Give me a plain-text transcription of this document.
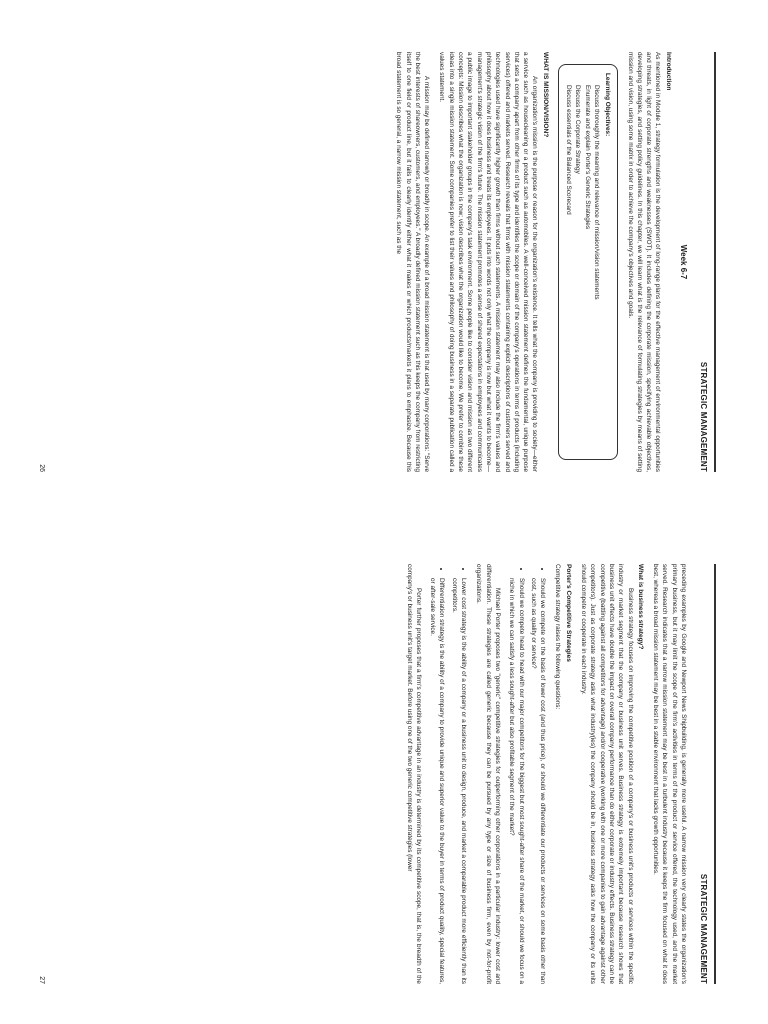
STRATEGIC MANAGEMENT
Week 6-7
Introduction

As mentioned in Module 1, strategy formulation is the development of long-range plans for the effective management of environmental opportunities and threats, in light of corporate strengths and weaknesses (SWOT). It includes defining the corporate mission, specifying achievable objectives, developing strategies, and setting policy guidelines. In this chapter, we will learn what is the relevance of formulating strategies by means of setting mission and vision, using some matrix in order to achieve the company's objectives and goals.

Learning Objectives:
Discuss thoroughly the meaning and relevance of mission/vision statements
Enumerate and explain Porter's Generic Strategies
Discuss the Corporate Strategy
Discuss essentials of the Balanced Scorecard
WHAT IS MISSION/VISION?

An organization's mission is the purpose or reason for the organization's existence. It tells what the company is providing to society—either a service such as housecleaning or a product such as automobiles. A well-conceived mission statement defines the fundamental, unique purpose that sets a company apart from other firms of its type and identifies the scope or domain of the company's operations in terms of products (including services) offered and markets served. Research reveals that firms with mission statements containing explicit descriptions of customers served and technologies used have significantly higher growth than firms without such statements. A mission statement may also include the firm's values and philosophy about how it does business and treats its employees. It puts into words not only what the company is now but what it wants to become—management's strategic vision of the firm's future. The mission statement promotes a sense of shared expectations in employees and communicates a public image to important stakeholder groups in the company's task environment. Some people like to consider vision and mission as two different concepts: Mission describes what the organization is now; vision describes what the organization would like to become. We prefer to combine these ideas into a single mission statement. Some companies prefer to list their values and philosophy of doing business in a separate publication called a values statement.

A mission may be defined narrowly or broadly in scope. An example of a broad mission statement is that used by many corporations: "Serve the best interests of shareowners, customers, and employees." A broadly defined mission statement such as this keeps the company from restricting itself to one field or product line, but it fails to clearly identify either what it makes or which products/markets it plans to emphasize. Because this broad statement is so general, a narrow mission statement, such as the

26
STRATEGIC MANAGEMENT

preceding examples by Google and Newport News Shipbuilding, is generally more useful. A narrow mission very clearly states the organization's primary business, but it may limit the scope of the firm's activities in terms of the product or service offered, the technology used, and the market served. Research indicates that a narrow mission statement may be best in a turbulent industry because it keeps the firm focused on what it does best, whereas a broad mission statement may be best in a stable environment that lacks growth opportunities.

What is business strategy?

Business strategy focuses on improving the competitive position of a company's or business unit's products or services within the specific industry or market segment that the company or business unit serves. Business strategy is extremely important because research shows that business unit effects have double the impact on overall company performance than do either corporate or industry effects. Business strategy can be competitive (battling against all competitors for advantage) and/or cooperative (working with one or more companies to gain advantage against other competitors). Just as corporate strategy asks what industry(ies) the company should be in, business strategy asks how the company or its units should compete or cooperate in each industry.

Porter's Competitive Strategies

Competitive strategy raises the following questions:

• Should we compete on the basis of lower cost (and thus price), or should we differentiate our products or services on some basis other than cost, such as quality or service?
• Should we compete head to head with our major competitors for the biggest but most sought-after share of the market, or should we focus on a niche in which we can satisfy a less sought-after but also profitable segment of the market?

Michael Porter proposes two "generic" competitive strategies for outperforming other corporations in a particular industry: lower cost and differentiation. These strategies are called generic because they can be pursued by any type or size of business firm, even by not-for-profit organizations.

• Lower cost strategy is the ability of a company or a business unit to design, produce, and market a comparable product more efficiently than its competitors.
• Differentiation strategy is the ability of a company to provide unique and superior value to the buyer in terms of product quality, special features, or after-sale service.

Porter further proposes that a firm's competitive advantage in an industry is determined by its competitive scope, that is, the breadth of the company's or business unit's target market. Before using one of the two generic competitive strategies (lower

27
